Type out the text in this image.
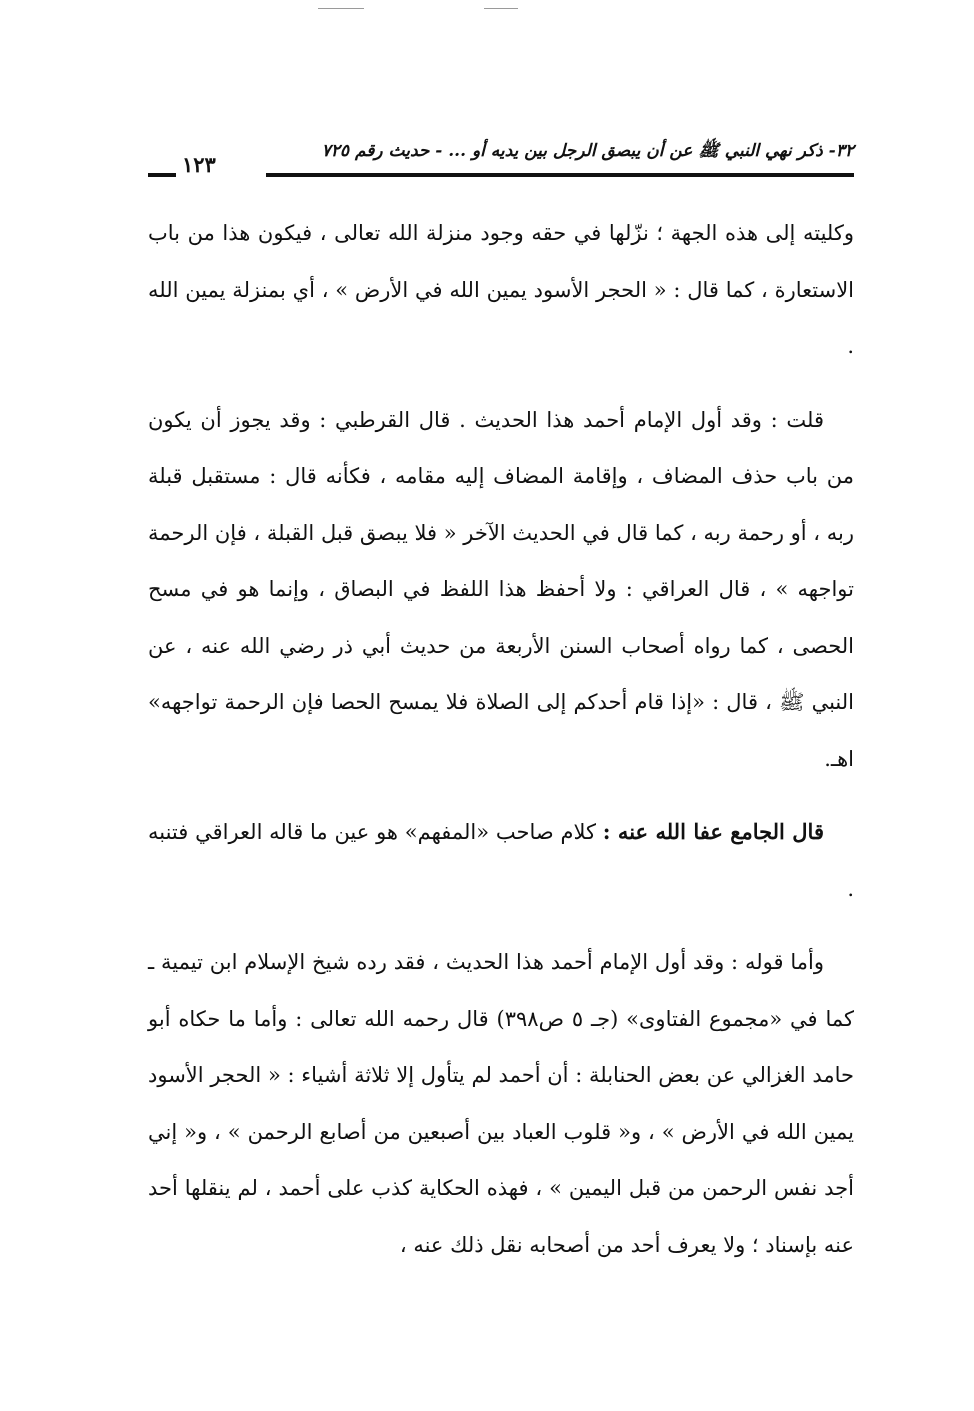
٣٢- ذكر نهي النبي ﷺ عن أن يبصق الرجل بين يديه أو ... - حديث رقم ٧٢٥
١٢٣

وكليته إلى هذه الجهة ؛ نزّلها في حقه وجود منزلة الله تعالى ، فيكون هذا من باب الاستعارة ، كما قال : « الحجر الأسود يمين الله في الأرض » ، أي بمنزلة يمين الله .

قلت : وقد أول الإمام أحمد هذا الحديث . قال القرطبي : وقد يجوز أن يكون من باب حذف المضاف ، وإقامة المضاف إليه مقامه ، فكأنه قال : مستقبل قبلة ربه ، أو رحمة ربه ، كما قال في الحديث الآخر « فلا يبصق قبل القبلة ، فإن الرحمة تواجهه » ، قال العراقي : ولا أحفظ هذا اللفظ في البصاق ، وإنما هو في مسح الحصى ، كما رواه أصحاب السنن الأربعة من حديث أبي ذر رضي الله عنه ، عن النبي ﷺ ، قال : «إذا قام أحدكم إلى الصلاة فلا يمسح الحصا فإن الرحمة تواجهه» اهـ.

قال الجامع عفا الله عنه : كلام صاحب «المفهم» هو عين ما قاله العراقي فتنبه .

وأما قوله : وقد أول الإمام أحمد هذا الحديث ، فقد رده شيخ الإسلام ابن تيمية ـ كما في «مجموع الفتاوى» (جـ ٥ ص٣٩٨) قال رحمه الله تعالى : وأما ما حكاه أبو حامد الغزالي عن بعض الحنابلة : أن أحمد لم يتأول إلا ثلاثة أشياء : « الحجر الأسود يمين الله في الأرض » ، و« قلوب العباد بين أصبعين من أصابع الرحمن » ، و« إني أجد نفس الرحمن من قبل اليمين » ، فهذه الحكاية كذب على أحمد ، لم ينقلها أحد عنه بإسناد ؛ ولا يعرف أحد من أصحابه نقل ذلك عنه ،
